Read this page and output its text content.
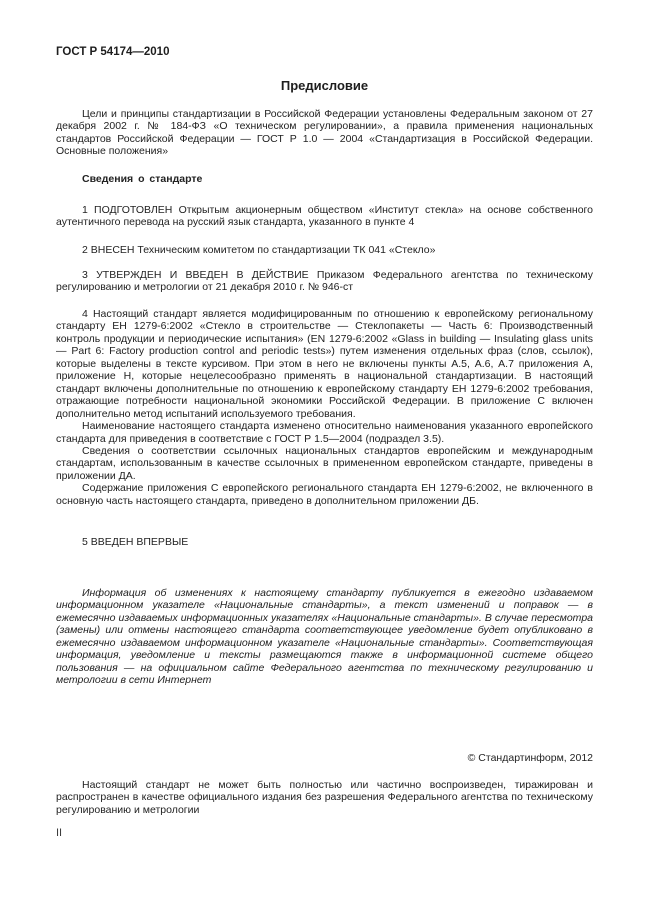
ГОСТ Р 54174—2010
Предисловие
Цели и принципы стандартизации в Российской Федерации установлены Федеральным законом от 27 декабря 2002 г. № 184-ФЗ «О техническом регулировании», а правила применения национальных стандартов Российской Федерации — ГОСТ Р 1.0 — 2004 «Стандартизация в Российской Федерации. Основные положения»
Сведения о стандарте
1 ПОДГОТОВЛЕН Открытым акционерным обществом «Институт стекла» на основе собственного аутентичного перевода на русский язык стандарта, указанного в пункте 4
2 ВНЕСЕН Техническим комитетом по стандартизации ТК 041 «Стекло»
3 УТВЕРЖДЕН И ВВЕДЕН В ДЕЙСТВИЕ Приказом Федерального агентства по техническому регулированию и метрологии от 21 декабря 2010 г. № 946-ст

4 Настоящий стандарт является модифицированным по отношению к европейскому региональному стандарту ЕН 1279-6:2002 «Стекло в строительстве — Стеклопакеты — Часть 6: Производственный контроль продукции и периодические испытания» (EN 1279-6:2002 «Glass in building — Insulating glass units — Part 6: Factory production control and periodic tests») путем изменения отдельных фраз (слов, ссылок), которые выделены в тексте курсивом. При этом в него не включены пункты А.5, А.6, А.7 приложения А, приложение Н, которые нецелесообразно применять в национальной стандартизации. В настоящий стандарт включены дополнительные по отношению к европейскому стандарту ЕН 1279-6:2002 требования, отражающие потребности национальной экономики Российской Федерации. В приложение С включен дополнительно метод испытаний используемого требования.

Наименование настоящего стандарта изменено относительно наименования указанного европейского стандарта для приведения в соответствие с ГОСТ Р 1.5—2004 (подраздел 3.5).

Сведения о соответствии ссылочных национальных стандартов европейским и международным стандартам, использованным в качестве ссылочных в примененном европейском стандарте, приведены в приложении ДА.

Содержание приложения С европейского регионального стандарта ЕН 1279-6:2002, не включенного в основную часть настоящего стандарта, приведено в дополнительном приложении ДБ.

5 ВВЕДЕН ВПЕРВЫЕ
Информация об изменениях к настоящему стандарту публикуется в ежегодно издаваемом информационном указателе «Национальные стандарты», а текст изменений и поправок — в ежемесячно издаваемых информационных указателях «Национальные стандарты». В случае пересмотра (замены) или отмены настоящего стандарта соответствующее уведомление будет опубликовано в ежемесячно издаваемом информационном указателе «Национальные стандарты». Соответствующая информация, уведомление и тексты размещаются также в информационной системе общего пользования — на официальном сайте Федерального агентства по техническому регулированию и метрологии в сети Интернет
© Стандартинформ, 2012
Настоящий стандарт не может быть полностью или частично воспроизведен, тиражирован и распространен в качестве официального издания без разрешения Федерального агентства по техническому регулированию и метрологии
II
